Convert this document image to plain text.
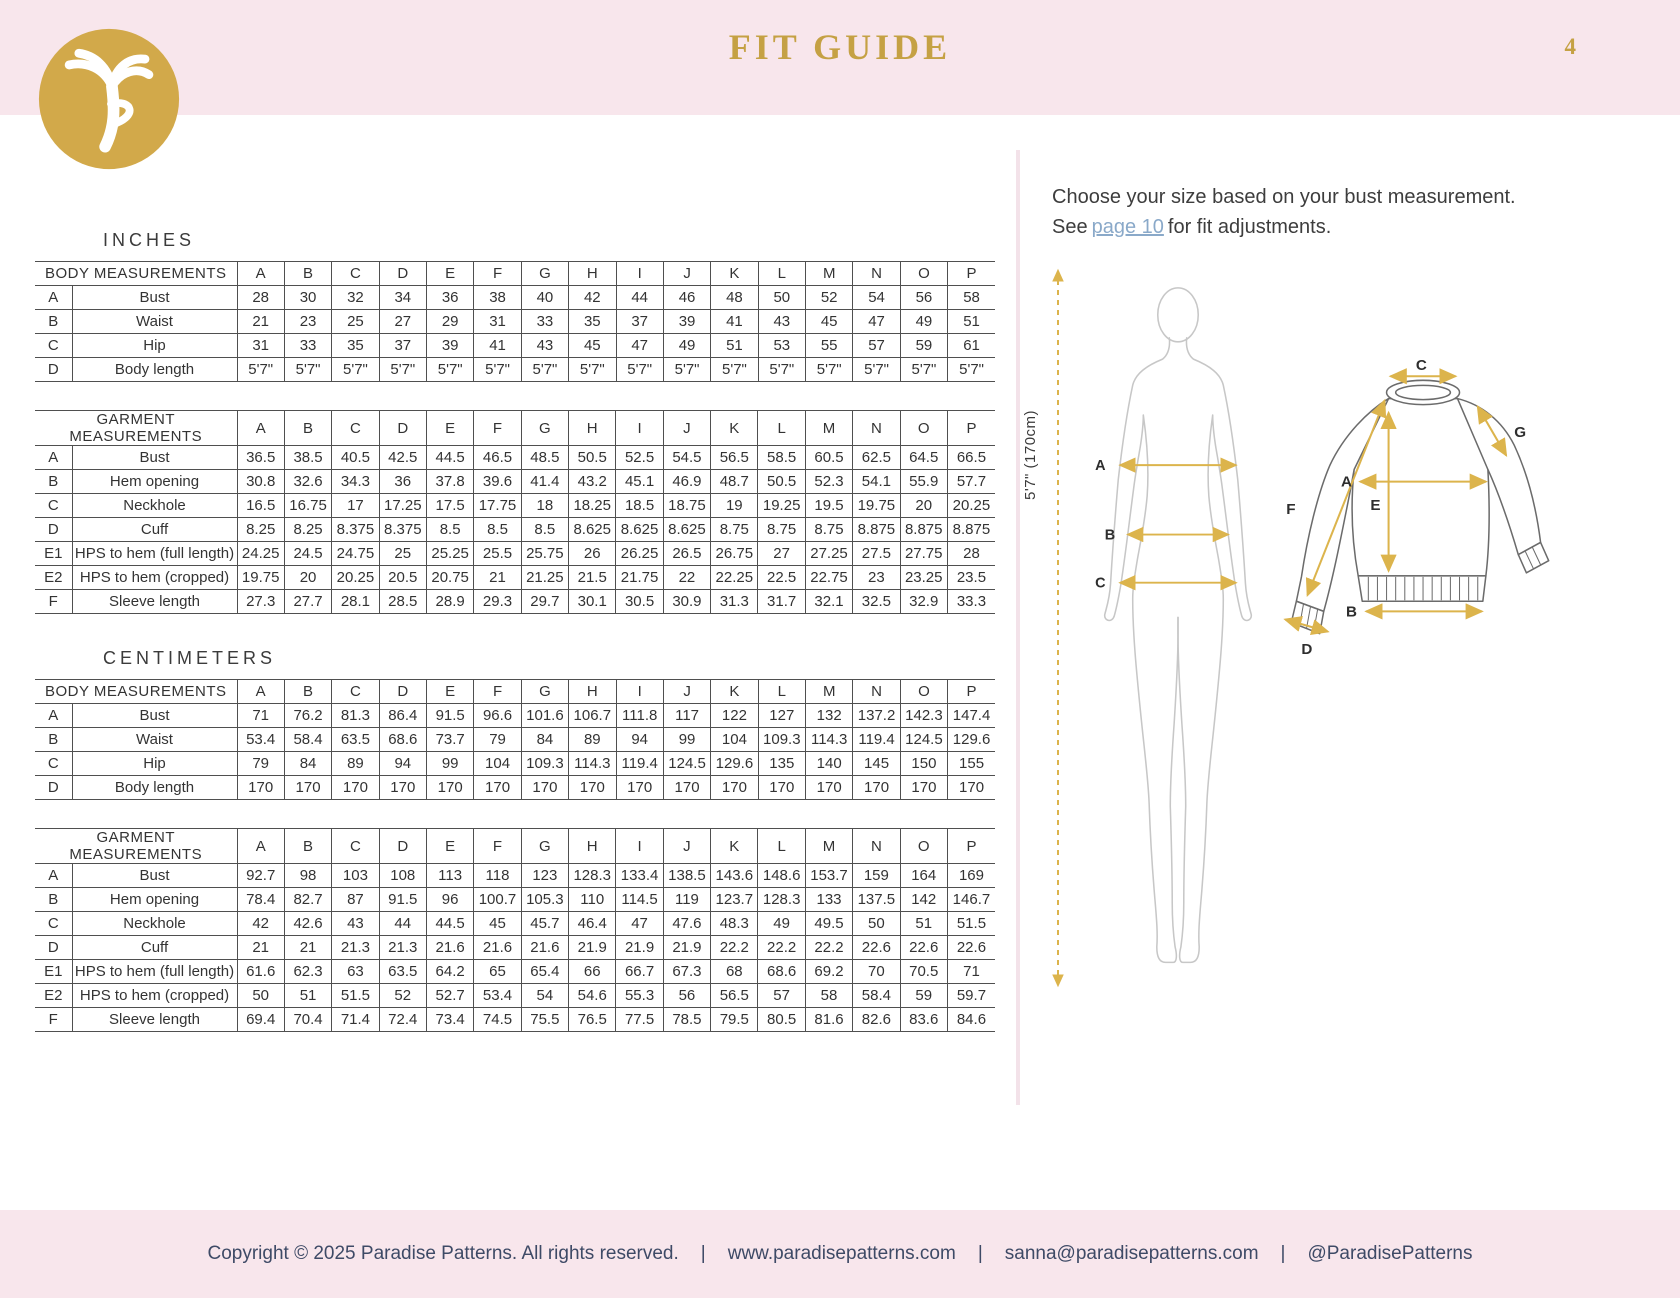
FIT GUIDE	4
INCHES
BODY MEASUREMENTS		A	B	C	D	E	F	G	H	I	J	K	L	M	N	O	P
A	Bust	28	30	32	34	36	38	40	42	44	46	48	50	52	54	56	58
B	Waist	21	23	25	27	29	31	33	35	37	39	41	43	45	47	49	51
C	Hip	31	33	35	37	39	41	43	45	47	49	51	53	55	57	59	61
D	Body length	5'7"	5'7"	5'7"	5'7"	5'7"	5'7"	5'7"	5'7"	5'7"	5'7"	5'7"	5'7"	5'7"	5'7"	5'7"	5'7"
GARMENT MEASUREMENTS		A	B	C	D	E	F	G	H	I	J	K	L	M	N	O	P
A	Bust	36.5	38.5	40.5	42.5	44.5	46.5	48.5	50.5	52.5	54.5	56.5	58.5	60.5	62.5	64.5	66.5
B	Hem opening	30.8	32.6	34.3	36	37.8	39.6	41.4	43.2	45.1	46.9	48.7	50.5	52.3	54.1	55.9	57.7
C	Neckhole	16.5	16.75	17	17.25	17.5	17.75	18	18.25	18.5	18.75	19	19.25	19.5	19.75	20	20.25
D	Cuff	8.25	8.25	8.375	8.375	8.5	8.5	8.5	8.625	8.625	8.625	8.75	8.75	8.75	8.875	8.875	8.875
E1	HPS to hem (full length)	24.25	24.5	24.75	25	25.25	25.5	25.75	26	26.25	26.5	26.75	27	27.25	27.5	27.75	28
E2	HPS to hem (cropped)	19.75	20	20.25	20.5	20.75	21	21.25	21.5	21.75	22	22.25	22.5	22.75	23	23.25	23.5
F	Sleeve length	27.3	27.7	28.1	28.5	28.9	29.3	29.7	30.1	30.5	30.9	31.3	31.7	32.1	32.5	32.9	33.3
CENTIMETERS
BODY MEASUREMENTS		A	B	C	D	E	F	G	H	I	J	K	L	M	N	O	P
A	Bust	71	76.2	81.3	86.4	91.5	96.6	101.6	106.7	111.8	117	122	127	132	137.2	142.3	147.4
B	Waist	53.4	58.4	63.5	68.6	73.7	79	84	89	94	99	104	109.3	114.3	119.4	124.5	129.6
C	Hip	79	84	89	94	99	104	109.3	114.3	119.4	124.5	129.6	135	140	145	150	155
D	Body length	170	170	170	170	170	170	170	170	170	170	170	170	170	170	170	170
GARMENT MEASUREMENTS		A	B	C	D	E	F	G	H	I	J	K	L	M	N	O	P
A	Bust	92.7	98	103	108	113	118	123	128.3	133.4	138.5	143.6	148.6	153.7	159	164	169
B	Hem opening	78.4	82.7	87	91.5	96	100.7	105.3	110	114.5	119	123.7	128.3	133	137.5	142	146.7
C	Neckhole	42	42.6	43	44	44.5	45	45.7	46.4	47	47.6	48.3	49	49.5	50	51	51.5
D	Cuff	21	21	21.3	21.3	21.6	21.6	21.6	21.9	21.9	21.9	22.2	22.2	22.2	22.6	22.6	22.6
E1	HPS to hem (full length)	61.6	62.3	63	63.5	64.2	65	65.4	66	66.7	67.3	68	68.6	69.2	70	70.5	71
E2	HPS to hem (cropped)	50	51	51.5	52	52.7	53.4	54	54.6	55.3	56	56.5	57	58	58.4	59	59.7
F	Sleeve length	69.4	70.4	71.4	72.4	73.4	74.5	75.5	76.5	77.5	78.5	79.5	80.5	81.6	82.6	83.6	84.6
Choose your size based on your bust measurement.
See page 10 for fit adjustments.
5'7" (170cm)	A
B
C
C
G
A
E
F
B
D
Copyright © 2025 Paradise Patterns. All rights reserved. | www.paradisepatterns.com | sanna@paradisepatterns.com | @ParadisePatterns
